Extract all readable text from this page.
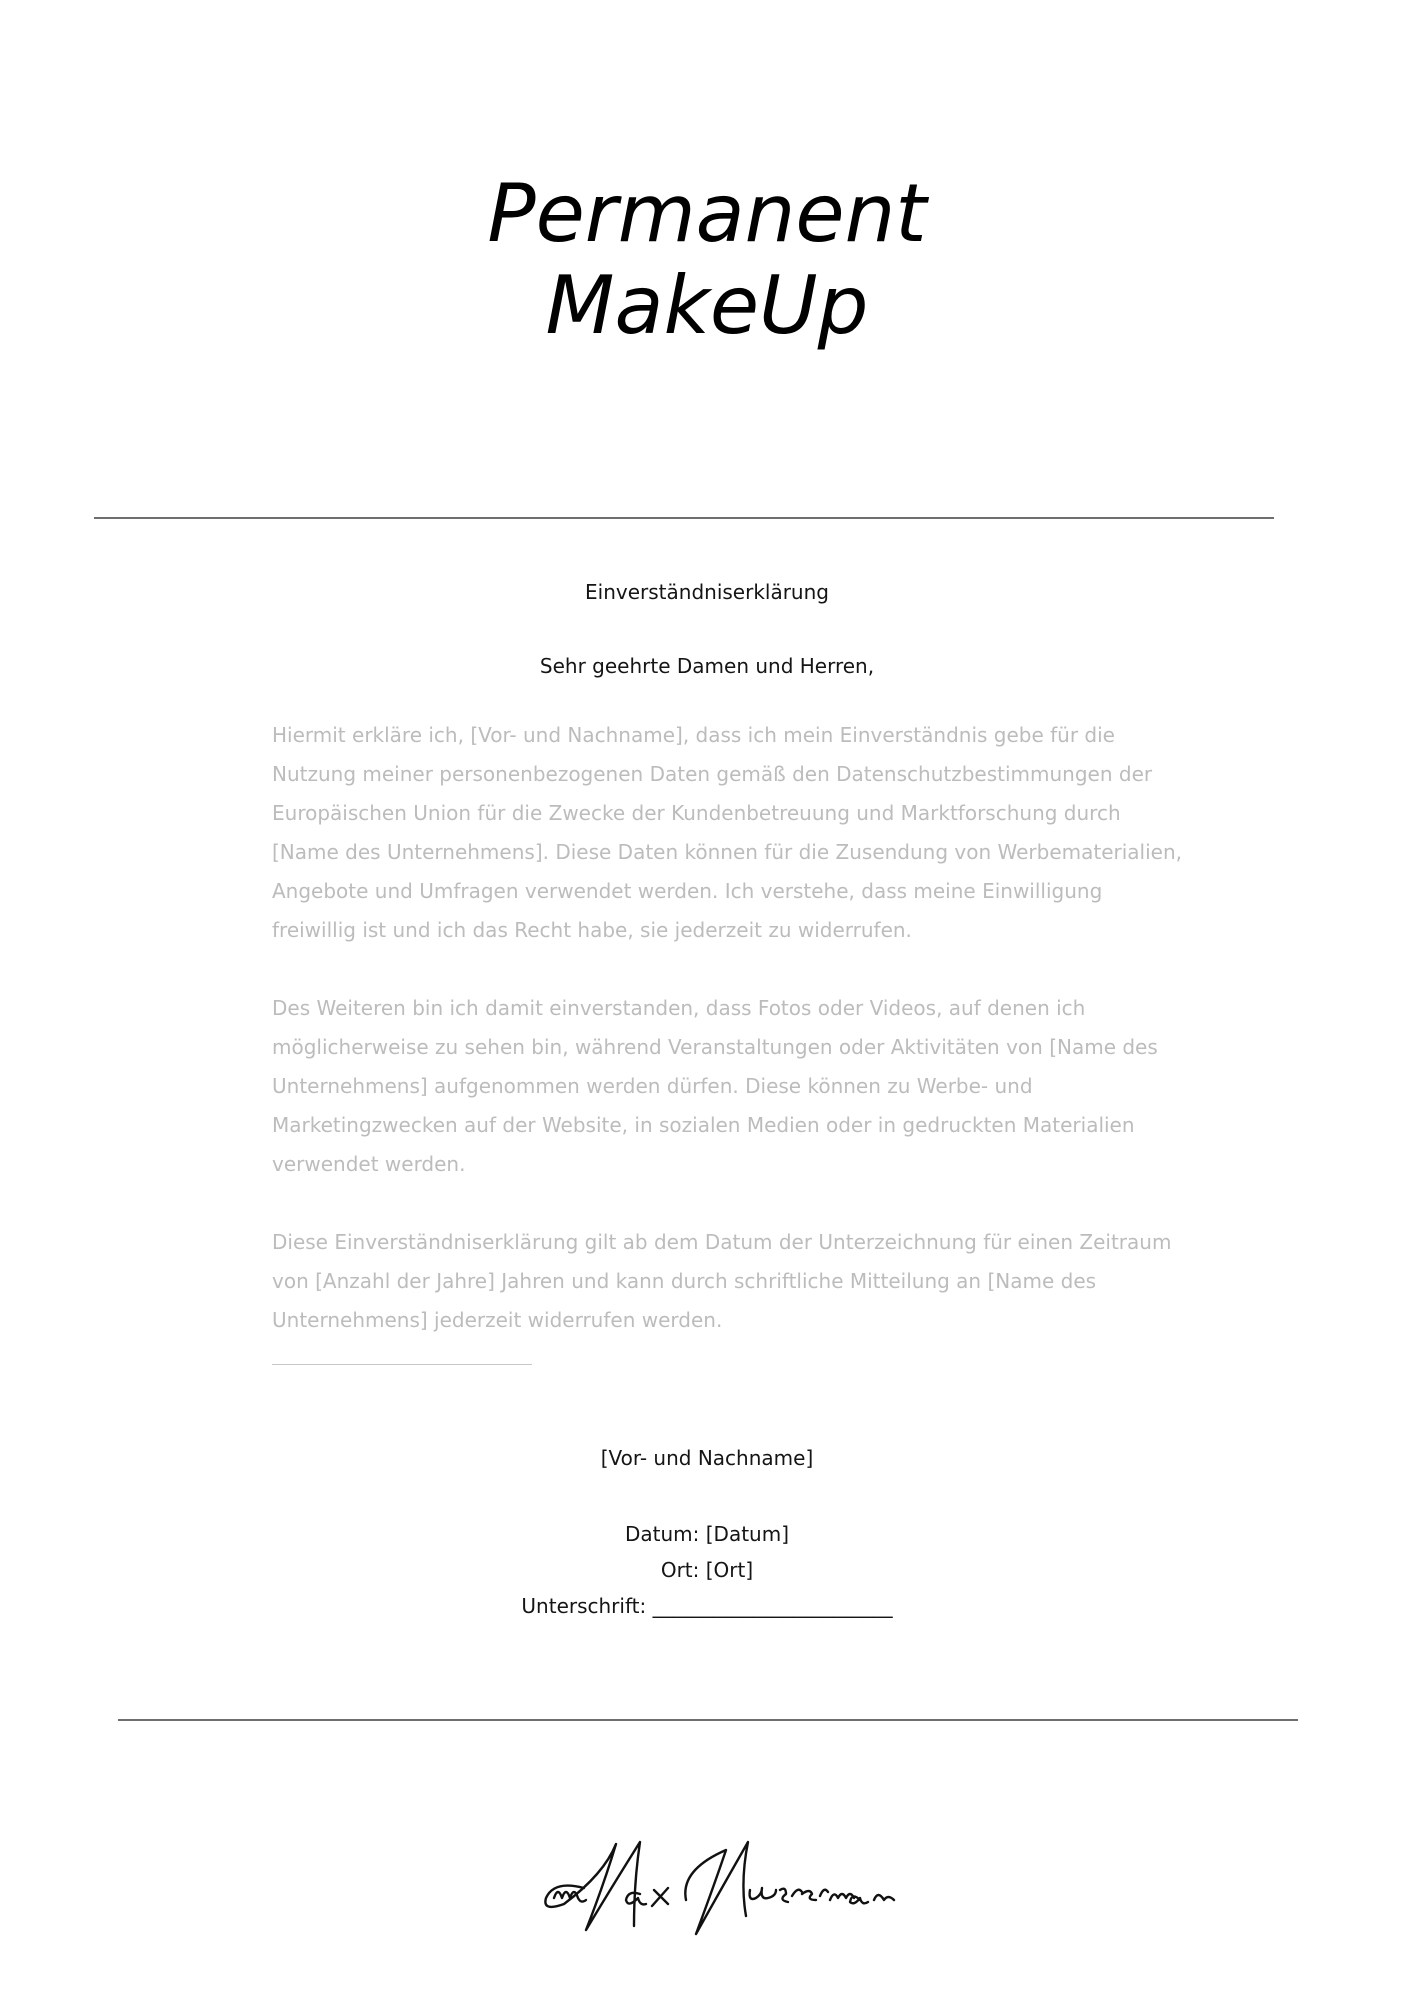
Permanent
MakeUp
Einverständniserklärung
Sehr geehrte Damen und Herren,

Hiermit erkläre ich, [Vor- und Nachname], dass ich mein Einverständnis gebe für die Nutzung meiner personenbezogenen Daten gemäß den Datenschutzbestimmungen der Europäischen Union für die Zwecke der Kundenbetreuung und Marktforschung durch [Name des Unternehmens]. Diese Daten können für die Zusendung von Werbematerialien, Angebote und Umfragen verwendet werden. Ich verstehe, dass meine Einwilligung freiwillig ist und ich das Recht habe, sie jederzeit zu widerrufen.

Des Weiteren bin ich damit einverstanden, dass Fotos oder Videos, auf denen ich möglicherweise zu sehen bin, während Veranstaltungen oder Aktivitäten von [Name des Unternehmens] aufgenommen werden dürfen. Diese können zu Werbe- und Marketingzwecken auf der Website, in sozialen Medien oder in gedruckten Materialien verwendet werden.

Diese Einverständniserklärung gilt ab dem Datum der Unterzeichnung für einen Zeitraum von [Anzahl der Jahre] Jahren und kann durch schriftliche Mitteilung an [Name des Unternehmens] jederzeit widerrufen werden.

[Vor- und Nachname]
Datum: [Datum]
Ort: [Ort]
Unterschrift: ________________________
